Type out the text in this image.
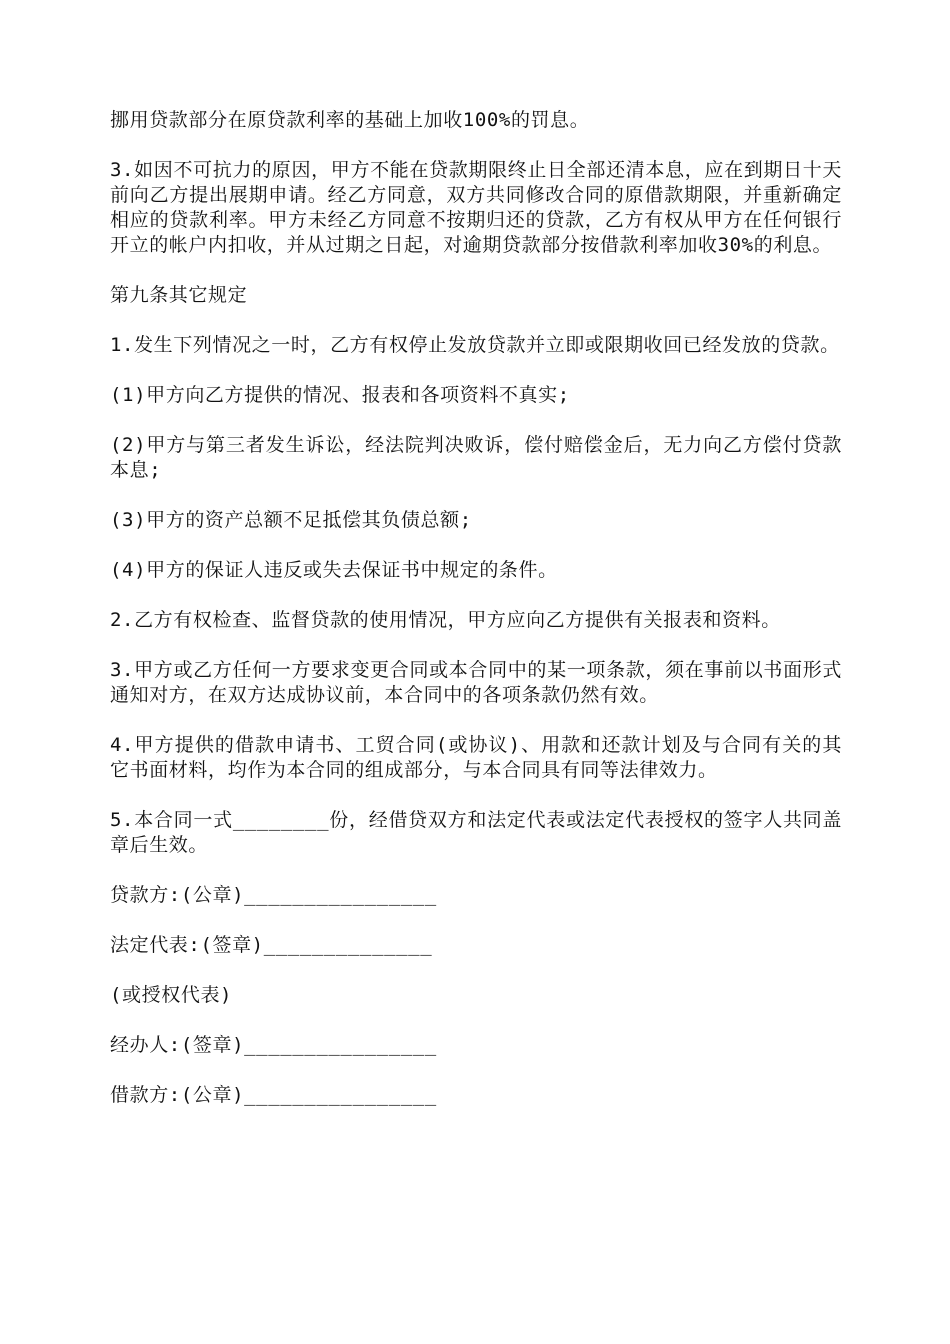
挪用贷款部分在原贷款利率的基础上加收100%的罚息。

3.如因不可抗力的原因，甲方不能在贷款期限终止日全部还清本息，应在到期日十天前向乙方提出展期申请。经乙方同意，双方共同修改合同的原借款期限，并重新确定相应的贷款利率。甲方未经乙方同意不按期归还的贷款，乙方有权从甲方在任何银行开立的帐户内扣收，并从过期之日起，对逾期贷款部分按借款利率加收30%的利息。

第九条其它规定

1.发生下列情况之一时，乙方有权停止发放贷款并立即或限期收回已经发放的贷款。

(1)甲方向乙方提供的情况、报表和各项资料不真实;

(2)甲方与第三者发生诉讼，经法院判决败诉，偿付赔偿金后，无力向乙方偿付贷款本息;

(3)甲方的资产总额不足抵偿其负债总额;

(4)甲方的保证人违反或失去保证书中规定的条件。

2.乙方有权检查、监督贷款的使用情况，甲方应向乙方提供有关报表和资料。

3.甲方或乙方任何一方要求变更合同或本合同中的某一项条款，须在事前以书面形式通知对方，在双方达成协议前，本合同中的各项条款仍然有效。

4.甲方提供的借款申请书、工贸合同(或协议)、用款和还款计划及与合同有关的其它书面材料，均作为本合同的组成部分，与本合同具有同等法律效力。

5.本合同一式________份，经借贷双方和法定代表或法定代表授权的签字人共同盖章后生效。

贷款方:(公章)________________

法定代表:(签章)______________

(或授权代表)

经办人:(签章)________________

借款方:(公章)________________
